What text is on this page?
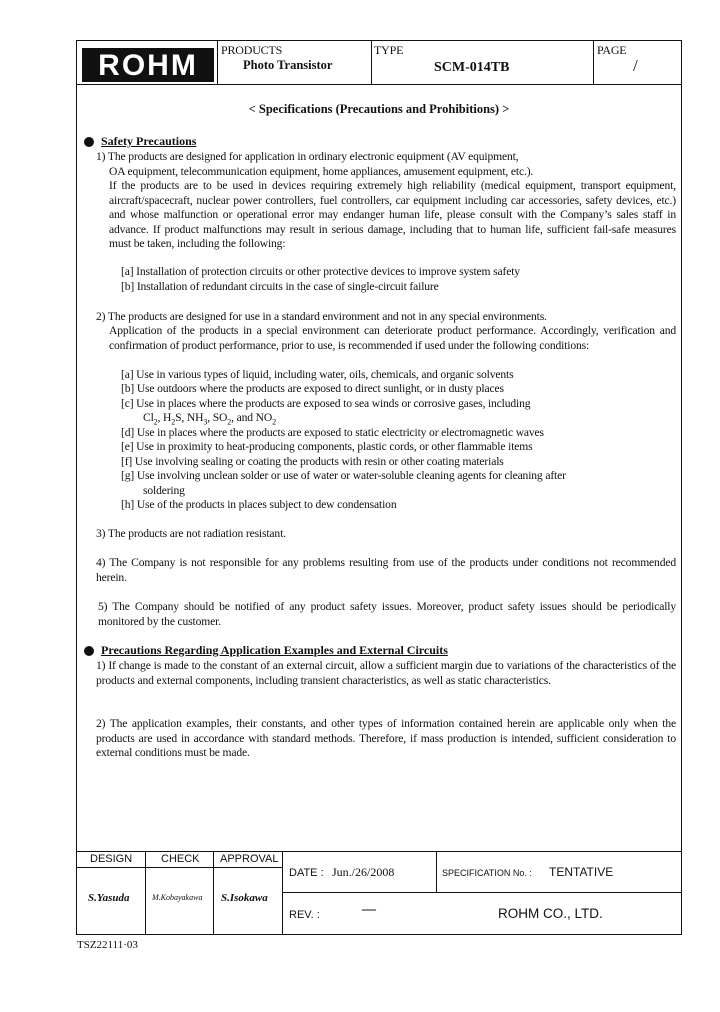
ROHM PRODUCTS
Photo Transistor
TYPE
SCM-014TB
PAGE
/
< Specifications (Precautions and Prohibitions) >
Safety Precautions
1) The products are designed for application in ordinary electronic equipment (AV equipment,
OA equipment, telecommunication equipment, home appliances, amusement equipment, etc.).
If the products are to be used in devices requiring extremely high reliability (medical equipment, transport equipment, aircraft/spacecraft, nuclear power controllers, fuel controllers, car equipment including car accessories, safety devices, etc.) and whose malfunction or operational error may endanger human life, please consult with the Company’s sales staff in advance. If product malfunctions may result in serious damage, including that to human life, sufficient fail-safe measures must be taken, including the following:
[a] Installation of protection circuits or other protective devices to improve system safety
[b] Installation of redundant circuits in the case of single-circuit failure
2) The products are designed for use in a standard environment and not in any special environments.
Application of the products in a special environment can deteriorate product performance. Accordingly, verification and confirmation of product performance, prior to use, is recommended if used under the following conditions:
[a] Use in various types of liquid, including water, oils, chemicals, and organic solvents
[b] Use outdoors where the products are exposed to direct sunlight, or in dusty places
[c] Use in places where the products are exposed to sea winds or corrosive gases, including
$Cl_2$, $H_2S$, $NH_3$, $SO_2$, and $NO_2$
[d] Use in places where the products are exposed to static electricity or electromagnetic waves
[e] Use in proximity to heat-producing components, plastic cords, or other flammable items
[f] Use involving sealing or coating the products with resin or other coating materials
[g] Use involving unclean solder or use of water or water-soluble cleaning agents for cleaning after
soldering
[h] Use of the products in places subject to dew condensation
3) The products are not radiation resistant.
4) The Company is not responsible for any problems resulting from use of the products under conditions not recommended herein.
5) The Company should be notified of any product safety issues. Moreover, product safety issues should be periodically monitored by the customer.
Precautions Regarding Application Examples and External Circuits
1) If change is made to the constant of an external circuit, allow a sufficient margin due to variations of the characteristics of the products and external components, including transient characteristics, as well as static characteristics.
2) The application examples, their constants, and other types of information contained herein are applicable only when the products are used in accordance with standard methods. Therefore, if mass production is intended, sufficient consideration to external conditions must be made.
DESIGN	CHECK APPROVAL
S.Yasuda	M.Kobayakawa S.Isokawa
DATE : Jun./26/2008	SPECIFICATION No. : TENTATIVE
REV. :	—	ROHM CO., LTD.
TSZ22111·03
